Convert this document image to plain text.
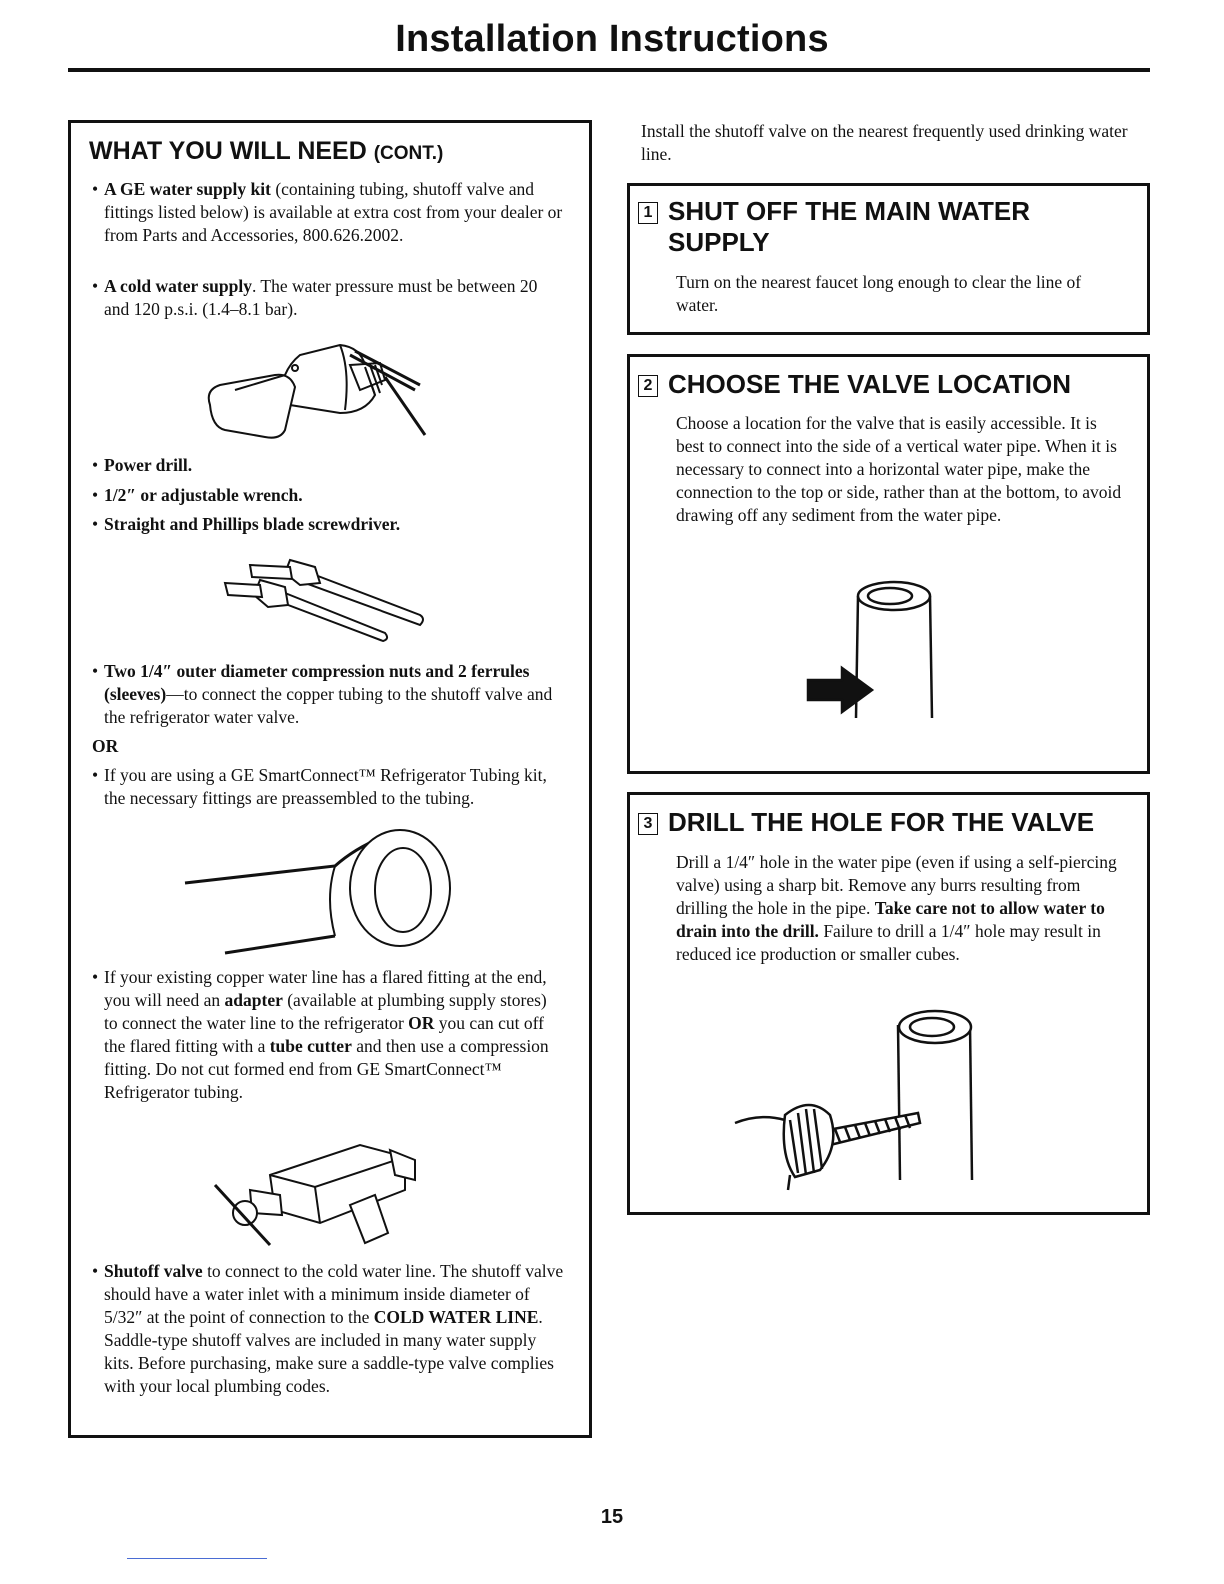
Installation Instructions
WHAT YOU WILL NEED (CONT.)
• A GE water supply kit (containing tubing, shutoff valve and fittings listed below) is available at extra cost from your dealer or from Parts and Accessories, 800.626.2002.
• A cold water supply. The water pressure must be between 20 and 120 p.s.i. (1.4–8.1 bar).
• Power drill.
• 1/2″ or adjustable wrench.
• Straight and Phillips blade screwdriver.
• Two 1/4″ outer diameter compression nuts and 2 ferrules (sleeves)—to connect the copper tubing to the shutoff valve and the refrigerator water valve.
OR
• If you are using a GE SmartConnect™ Refrigerator Tubing kit, the necessary fittings are preassembled to the tubing.
• If your existing copper water line has a flared fitting at the end, you will need an adapter (available at plumbing supply stores) to connect the water line to the refrigerator OR you can cut off the flared fitting with a tube cutter and then use a compression fitting. Do not cut formed end from GE SmartConnect™ Refrigerator tubing.
• Shutoff valve to connect to the cold water line. The shutoff valve should have a water inlet with a minimum inside diameter of 5/32″ at the point of connection to the COLD WATER LINE. Saddle-type shutoff valves are included in many water supply kits. Before purchasing, make sure a saddle-type valve complies with your local plumbing codes.
Install the shutoff valve on the nearest frequently used drinking water line.
1 SHUT OFF THE MAIN WATER SUPPLY
Turn on the nearest faucet long enough to clear the line of water.
2 CHOOSE THE VALVE LOCATION
Choose a location for the valve that is easily accessible. It is best to connect into the side of a vertical water pipe. When it is necessary to connect into a horizontal water pipe, make the connection to the top or side, rather than at the bottom, to avoid drawing off any sediment from the water pipe.
3 DRILL THE HOLE FOR THE VALVE
Drill a 1/4″ hole in the water pipe (even if using a self-piercing valve) using a sharp bit. Remove any burrs resulting from drilling the hole in the pipe. Take care not to allow water to drain into the drill. Failure to drill a 1/4″ hole may result in reduced ice production or smaller cubes.
15
